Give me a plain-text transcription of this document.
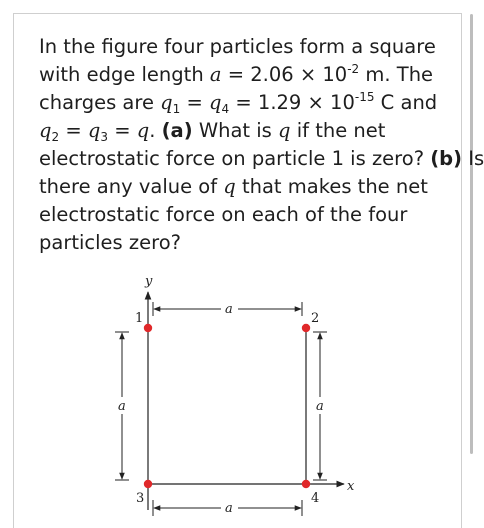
In the figure four particles form a square
with edge length $a = 2.06 \times 10^{-2}$ m. The
charges are $q_1 = q_4 = 1.29 \times 10^{-15}$ C and
$q_2 = q_3 = q$. (a) What is q if the net
electrostatic force on particle 1 is zero? (b) Is
there any value of q that makes the net
electrostatic force on each of the four
particles zero?
y
x
a
a	a
a
1	2
3	4
